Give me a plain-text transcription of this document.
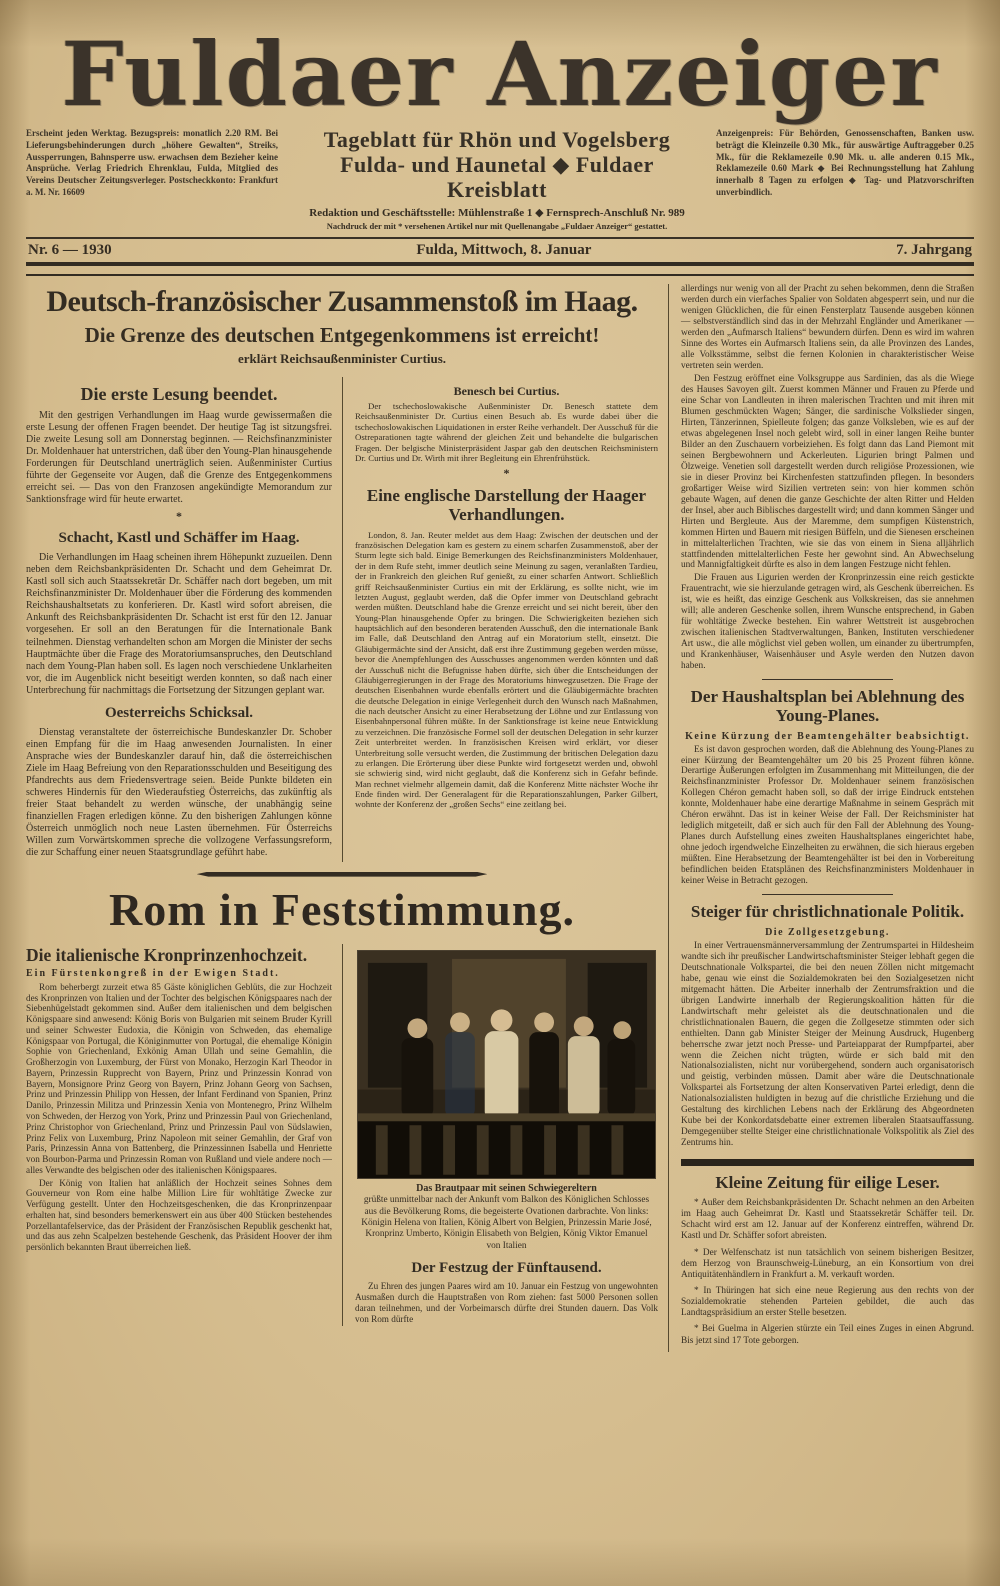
Fuldaer Anzeiger
Erscheint jeden Werktag. Bezugspreis: monatlich 2.20 RM. Bei Lieferungsbehinderungen durch „höhere Gewalten“, Streiks, Aussperrungen, Bahnsperre usw. erwachsen dem Bezieher keine Ansprüche. Verlag Friedrich Ehrenklau, Fulda, Mitglied des Vereins Deutscher Zeitungsverleger. Postscheckkonto: Frankfurt a. M. Nr. 16609
Tageblatt für Rhön und Vogelsberg
Fulda- und Haunetal ◆ Fuldaer Kreisblatt
Redaktion und Geschäftsstelle: Mühlenstraße 1 ◆ Fernsprech-Anschluß Nr. 989
Nachdruck der mit * versehenen Artikel nur mit Quellenangabe „Fuldaer Anzeiger“ gestattet.
Anzeigenpreis: Für Behörden, Genossenschaften, Banken usw. beträgt die Kleinzeile 0.30 Mk., für auswärtige Auftraggeber 0.25 Mk., für die Reklamezeile 0.90 Mk. u. alle anderen 0.15 Mk., Reklamezeile 0.60 Mark ◆ Bei Rechnungsstellung hat Zahlung innerhalb 8 Tagen zu erfolgen ◆ Tag- und Platzvorschriften unverbindlich.
Nr. 6 — 1930	Fulda, Mittwoch, 8. Januar	7. Jahrgang
Deutsch-französischer Zusammenstoß im Haag.
Die Grenze des deutschen Entgegenkommens ist erreicht!
erklärt Reichsaußenminister Curtius.
Die erste Lesung beendet.

Mit den gestrigen Verhandlungen im Haag wurde gewissermaßen die erste Lesung der offenen Fragen beendet. Der heutige Tag ist sitzungsfrei. Die zweite Lesung soll am Donnerstag beginnen. — Reichsfinanzminister Dr. Moldenhauer hat unterstrichen, daß über den Young-Plan hinausgehende Forderungen für Deutschland unerträglich seien. Außenminister Curtius führte der Gegenseite vor Augen, daß die Grenze des Entgegenkommens erreicht sei. — Das von den Franzosen angekündigte Memorandum zur Sanktionsfrage wird für heute erwartet.

*
Schacht, Kastl und Schäffer im Haag.

Die Verhandlungen im Haag scheinen ihrem Höhepunkt zuzueilen. Denn neben dem Reichsbankpräsidenten Dr. Schacht und dem Geheimrat Dr. Kastl soll sich auch Staatssekretär Dr. Schäffer nach dort begeben, um mit Reichsfinanzminister Dr. Moldenhauer über die Förderung des kommenden Reichshaushaltsetats zu konferieren. Dr. Kastl wird sofort abreisen, die Ankunft des Reichsbankpräsidenten Dr. Schacht ist erst für den 12. Januar vorgesehen. Er soll an den Beratungen für die Internationale Bank teilnehmen. Dienstag verhandelten schon am Morgen die Minister der sechs Hauptmächte über die Frage des Moratoriumsanspruches, den Deutschland nach dem Young-Plan haben soll. Es lagen noch verschiedene Unklarheiten vor, die im Augenblick nicht beseitigt werden konnten, so daß nach einer Unterbrechung für nachmittags die Fortsetzung der Sitzungen geplant war.

Oesterreichs Schicksal.

Dienstag veranstaltete der österreichische Bundeskanzler Dr. Schober einen Empfang für die im Haag anwesenden Journalisten. In einer Ansprache wies der Bundeskanzler darauf hin, daß die österreichischen Ziele im Haag Befreiung von den Reparationsschulden und Beseitigung des Pfandrechts aus dem Friedensvertrage seien. Beide Punkte bildeten ein schweres Hindernis für den Wiederaufstieg Österreichs, das zukünftig als freier Staat behandelt zu werden wünsche, der unabhängig seine finanziellen Fragen erledigen könne. Zu den bisherigen Zahlungen könne Österreich unmöglich noch neue Lasten übernehmen. Für Österreichs Willen zum Vorwärtskommen spreche die vollzogene Verfassungsreform, die zur Schaffung einer neuen Staatsgrundlage geführt habe.

Benesch bei Curtius.

Der tschechoslowakische Außenminister Dr. Benesch stattete dem Reichsaußenminister Dr. Curtius einen Besuch ab. Es wurde dabei über die tschechoslowakischen Liquidationen in erster Reihe verhandelt. Der Ausschuß für die Ostreparationen tagte während der gleichen Zeit und behandelte die bulgarischen Fragen. Der belgische Ministerpräsident Jaspar gab den deutschen Reichsministern Dr. Curtius und Dr. Wirth mit ihrer Begleitung ein Ehrenfrühstück.

*
Eine englische Darstellung der Haager Verhandlungen.

London, 8. Jan. Reuter meldet aus dem Haag: Zwischen der deutschen und der französischen Delegation kam es gestern zu einem scharfen Zusammenstoß, aber der Sturm legte sich bald. Einige Bemerkungen des Reichsfinanzministers Moldenhauer, der in dem Rufe steht, immer deutlich seine Meinung zu sagen, veranlaßten Tardieu, der in Frankreich den gleichen Ruf genießt, zu einer scharfen Antwort. Schließlich griff Reichsaußenminister Curtius ein mit der Erklärung, es sollte nicht, wie im letzten August, geglaubt werden, daß die Opfer immer von Deutschland gebracht werden müßten. Deutschland habe die Grenze erreicht und sei nicht bereit, über den Young-Plan hinausgehende Opfer zu bringen. Die Schwierigkeiten beziehen sich hauptsächlich auf den besonderen beratenden Ausschuß, den die internationale Bank im Falle, daß Deutschland den Antrag auf ein Moratorium stellt, einsetzt. Die Gläubigermächte sind der Ansicht, daß erst ihre Zustimmung gegeben werden müsse, bevor die Anempfehlungen des Ausschusses angenommen werden könnten und daß der Ausschuß nicht die Befugnisse haben dürfte, sich über die Entscheidungen der Gläubigerregierungen in der Frage des Moratoriums hinwegzusetzen. Die Frage der deutschen Eisenbahnen wurde ebenfalls erörtert und die Gläubigermächte brachten die deutsche Delegation in einige Verlegenheit durch den Wunsch nach Maßnahmen, die nach deutscher Ansicht zu einer Herabsetzung der Löhne und zur Entlassung von Eisenbahnpersonal führen müßte. In der Sanktionsfrage ist keine neue Entwicklung zu verzeichnen. Die französische Formel soll der deutschen Delegation in sehr kurzer Zeit unterbreitet werden. In französischen Kreisen wird erklärt, vor dieser Unterbreitung solle versucht werden, die Zustimmung der britischen Delegation dazu zu erlangen. Die Erörterung über diese Punkte wird fortgesetzt werden und, obwohl sie schwierig sind, wird nicht geglaubt, daß die Konferenz sich in Gefahr befinde. Man rechnet vielmehr allgemein damit, daß die Konferenz Mitte nächster Woche ihr Ende finden wird. Der Generalagent für die Reparationszahlungen, Parker Gilbert, wohnte der Konferenz der „großen Sechs“ eine zeitlang bei.

Rom in Feststimmung.
Die italienische Kronprinzenhochzeit.
Ein Fürstenkongreß in der Ewigen Stadt.

Rom beherbergt zurzeit etwa 85 Gäste königlichen Geblüts, die zur Hochzeit des Kronprinzen von Italien und der Tochter des belgischen Königspaares nach der Siebenhügelstadt gekommen sind. Außer dem italienischen und dem belgischen Königspaare sind anwesend: König Boris von Bulgarien mit seinem Bruder Kyrill und seiner Schwester Eudoxia, die Königin von Schweden, das ehemalige Königspaar von Portugal, die Königinmutter von Portugal, die ehemalige Königin Sophie von Griechenland, Exkönig Aman Ullah und seine Gemahlin, die Großherzogin von Luxemburg, der Fürst von Monako, Herzogin Karl Theodor in Bayern, Prinzessin Rupprecht von Bayern, Prinz und Prinzessin Konrad von Bayern, Monsignore Prinz Georg von Bayern, Prinz Johann Georg von Sachsen, Prinz und Prinzessin Philipp von Hessen, der Infant Ferdinand von Spanien, Prinz Danilo, Prinzessin Militza und Prinzessin Xenia von Montenegro, Prinz Wilhelm von Schweden, der Herzog von York, Prinz und Prinzessin Paul von Griechenland, Prinz Christophor von Griechenland, Prinz und Prinzessin Paul von Südslawien, Prinz Felix von Luxemburg, Prinz Napoleon mit seiner Gemahlin, der Graf von Paris, Prinzessin Anna von Battenberg, die Prinzessinnen Isabella und Henriette von Bourbon-Parma und Prinzessin Roman von Rußland und viele andere noch — alles Verwandte des belgischen oder des italienischen Königspaares.

Der König von Italien hat anläßlich der Hochzeit seines Sohnes dem Gouverneur von Rom eine halbe Million Lire für wohltätige Zwecke zur Verfügung gestellt. Unter den Hochzeitsgeschenken, die das Kronprinzenpaar erhalten hat, sind besonders bemerkenswert ein aus über 400 Stücken bestehendes Porzellantafelservice, das der Präsident der Französischen Republik geschenkt hat, und das aus zehn Scalpelzen bestehende Geschenk, das Präsident Hoover der ihm persönlich bekannten Braut überreichen ließ.

Das Brautpaar mit seinen Schwiegereltern
grüßte unmittelbar nach der Ankunft vom Balkon des Königlichen Schlosses aus die Bevölkerung Roms, die begeisterte Ovationen darbrachte. Von links: Königin Helena von Italien, König Albert von Belgien, Prinzessin Marie José, Kronprinz Umberto, Königin Elisabeth von Belgien, König Viktor Emanuel von Italien
Der Festzug der Fünftausend.

Zu Ehren des jungen Paares wird am 10. Januar ein Festzug von ungewohnten Ausmaßen durch die Hauptstraßen von Rom ziehen: fast 5000 Personen sollen daran teilnehmen, und der Vorbeimarsch dürfte drei Stunden dauern. Das Volk von Rom dürfte

allerdings nur wenig von all der Pracht zu sehen bekommen, denn die Straßen werden durch ein vierfaches Spalier von Soldaten abgesperrt sein, und nur die wenigen Glücklichen, die für einen Fensterplatz Tausende ausgeben können — selbstverständlich sind das in der Mehrzahl Engländer und Amerikaner — werden den „Aufmarsch Italiens“ bewundern dürfen. Denn es wird im wahren Sinne des Wortes ein Aufmarsch Italiens sein, da alle Provinzen des Landes, alle Volksstämme, selbst die fernen Kolonien in charakteristischer Weise vertreten sein werden.

Den Festzug eröffnet eine Volksgruppe aus Sardinien, das als die Wiege des Hauses Savoyen gilt. Zuerst kommen Männer und Frauen zu Pferde und eine Schar von Landleuten in ihren malerischen Trachten und mit ihren mit Blumen geschmückten Wagen; Sänger, die sardinische Volkslieder singen, Hirten, Tänzerinnen, Spielleute folgen; das ganze Volksleben, wie es auf der etwas abgelegenen Insel noch gelebt wird, soll in einer langen Reihe bunter Bilder an den Zuschauern vorbeiziehen. Es folgt dann das Land Piemont mit seinen Bergbewohnern und Ackerleuten. Ligurien bringt Palmen und Ölzweige. Venetien soll dargestellt werden durch religiöse Prozessionen, wie sie in dieser Provinz bei Kirchenfesten stattzufinden pflegen. In besonders großartiger Weise wird Sizilien vertreten sein: von hier kommen schön gebaute Wagen, auf denen die ganze Geschichte der alten Ritter und Helden der Insel, aber auch Biblisches dargestellt wird; und dann kommen Sänger und Hirten und Bergleute. Aus der Maremme, dem sumpfigen Küstenstrich, kommen Hirten und Bauern mit riesigen Büffeln, und die Sienesen erscheinen in mittelalterlichen Trachten, wie sie das von einem in Siena alljährlich stattfindenden mittelalterlichen Feste her gewohnt sind. An Abwechselung und Mannigfaltigkeit dürfte es also in dem langen Festzuge nicht fehlen.

Die Frauen aus Ligurien werden der Kronprinzessin eine reich gestickte Frauentracht, wie sie hierzulande getragen wird, als Geschenk überreichen. Es ist, wie es heißt, das einzige Geschenk aus Volkskreisen, das sie annehmen will; alle anderen Geschenke sollen, ihrem Wunsche entsprechend, in Gaben für wohltätige Zwecke bestehen. Ein wahrer Wettstreit ist ausgebrochen zwischen italienischen Stadtverwaltungen, Banken, Instituten verschiedener Art usw., die alle möglichst viel geben wollen, um einander zu übertrumpfen, und Krankenhäuser, Waisenhäuser und Asyle werden den Nutzen davon haben.

Der Haushaltsplan bei Ablehnung des Young-Planes.
Keine Kürzung der Beamtengehälter beabsichtigt.

Es ist davon gesprochen worden, daß die Ablehnung des Young-Planes zu einer Kürzung der Beamtengehälter um 20 bis 25 Prozent führen könne. Derartige Äußerungen erfolgten im Zusammenhang mit Mitteilungen, die der Reichsfinanzminister Professor Dr. Moldenhauer seinem französischen Kollegen Chéron gemacht haben soll, so daß der irrige Eindruck entstehen konnte, Moldenhauer habe eine derartige Maßnahme in seinem Gespräch mit Chéron erwähnt. Das ist in keiner Weise der Fall. Der Reichsminister hat lediglich mitgeteilt, daß er sich auch für den Fall der Ablehnung des Young-Planes durch Aufstellung eines zweiten Haushaltsplanes eingerichtet habe, ohne jedoch irgendwelche Einzelheiten zu erwähnen, die sich hieraus ergeben müßten. Eine Herabsetzung der Beamtengehälter ist bei den in Vorbereitung befindlichen beiden Etatsplänen des Reichsfinanzministers Moldenhauer in keiner Weise in Betracht gezogen.

Steiger für christlichnationale Politik.
Die Zollgesetzgebung.

In einer Vertrauensmännerversammlung der Zentrumspartei in Hildesheim wandte sich ihr preußischer Landwirtschaftsminister Steiger lebhaft gegen die Deutschnationale Volkspartei, die bei den neuen Zöllen nicht mitgemacht habe, genau wie einst die Sozialdemokraten bei den Sozialgesetzen nicht mitgemacht hätten. Die Arbeiter innerhalb der Zentrumsfraktion und die übrigen Landwirte innerhalb der Regierungskoalition hätten für die Landwirtschaft mehr geleistet als die deutschnationalen und die christlichnationalen Bauern, die gegen die Zollgesetze stimmten oder sich enthielten. Dann gab Minister Steiger der Meinung Ausdruck, Hugenberg beherrsche zwar jetzt noch Presse- und Parteiapparat der Rumpfpartei, aber wenn die Zeichen nicht trügten, würde er sich bald mit den Nationalsozialisten, nicht nur vorübergehend, sondern auch organisatorisch und geistig, verbinden müssen. Damit aber wäre die Deutschnationale Volkspartei als Fortsetzung der alten Konservativen Partei erledigt, denn die Nationalsozialisten huldigten in bezug auf die christliche Erziehung und die Gestaltung des kirchlichen Lebens nach der Erklärung des Abgeordneten Kube bei der Konkordatsdebatte einer extremen liberalen Staatsauffassung. Demgegenüber stellte Steiger eine christlichnationale Volkspolitik als Ziel des Zentrums hin.

Kleine Zeitung für eilige Leser.
* Außer dem Reichsbankpräsidenten Dr. Schacht nehmen an den Arbeiten im Haag auch Geheimrat Dr. Kastl und Staatssekretär Schäffer teil. Dr. Schacht wird erst am 12. Januar auf der Konferenz eintreffen, während Dr. Kastl und Dr. Schäffer sofort abreisten.
* Der Welfenschatz ist nun tatsächlich von seinem bisherigen Besitzer, dem Herzog von Braunschweig-Lüneburg, an ein Konsortium von drei Antiquitätenhändlern in Frankfurt a. M. verkauft worden.
* In Thüringen hat sich eine neue Regierung aus den rechts von der Sozialdemokratie stehenden Parteien gebildet, die auch das Landtagspräsidium an erster Stelle besetzen.
* Bei Guelma in Algerien stürzte ein Teil eines Zuges in einen Abgrund. Bis jetzt sind 17 Tote geborgen.
